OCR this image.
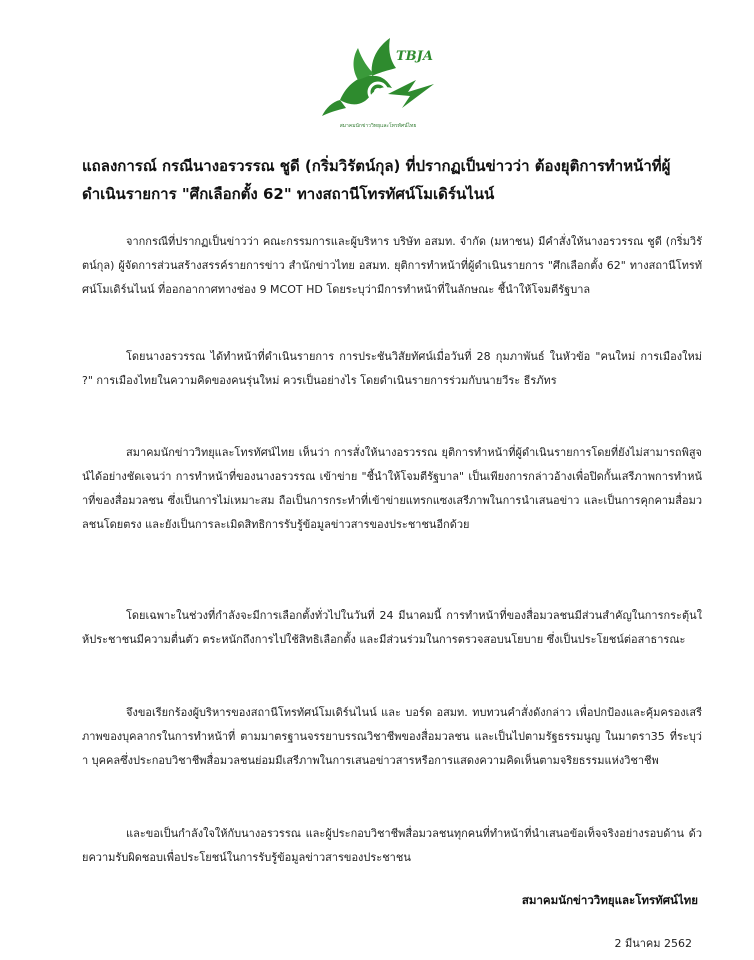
TBJA
สมาคมนักข่าววิทยุและโทรทัศน์ไทย
แถลงการณ์ กรณีนางอรวรรณ ชูดี (กริ่มวิรัตน์กุล) ที่ปรากฏเป็นข่าวว่า ต้องยุติการทำหน้าที่ผู้ดำเนินรายการ "ศึกเลือกตั้ง 62" ทางสถานีโทรทัศน์โมเดิร์นไนน์
จากกรณีที่ปรากฏเป็นข่าวว่า คณะกรรมการและผู้บริหาร บริษัท อสมท. จำกัด (มหาชน) มีคำสั่งให้นางอรวรรณ ชูดี (กริ่มวิรัตน์กุล) ผู้จัดการส่วนสร้างสรรค์รายการข่าว สำนักข่าวไทย อสมท. ยุติการทำหน้าที่ผู้ดำเนินรายการ "ศึกเลือกตั้ง 62" ทางสถานีโทรทัศน์โมเดิร์นไนน์ ที่ออกอากาศทางช่อง 9 MCOT HD โดยระบุว่ามีการทำหน้าที่ในลักษณะ ชี้นำให้โจมตีรัฐบาล
โดยนางอรวรรณ ได้ทำหน้าที่ดำเนินรายการ การประชันวิสัยทัศน์เมื่อวันที่ 28 กุมภาพันธ์ ในหัวข้อ "คนใหม่ การเมืองใหม่ ?" การเมืองไทยในความคิดของคนรุ่นใหม่ ควรเป็นอย่างไร โดยดำเนินรายการร่วมกับนายวีระ ธีรภัทร
สมาคมนักข่าววิทยุและโทรทัศน์ไทย เห็นว่า การสั่งให้นางอรวรรณ ยุติการทำหน้าที่ผู้ดำเนินรายการโดยที่ยังไม่สามารถพิสูจน์ได้อย่างชัดเจนว่า การทำหน้าที่ของนางอรวรรณ เข้าข่าย "ชี้นำให้โจมตีรัฐบาล" เป็นเพียงการกล่าวอ้างเพื่อปิดกั้นเสรีภาพการทำหน้าที่ของสื่อมวลชน ซึ่งเป็นการไม่เหมาะสม ถือเป็นการกระทำที่เข้าข่ายแทรกแซงเสรีภาพในการนำเสนอข่าว และเป็นการคุกคามสื่อมวลชนโดยตรง และยังเป็นการละเมิดสิทธิการรับรู้ข้อมูลข่าวสารของประชาชนอีกด้วย
โดยเฉพาะในช่วงที่กำลังจะมีการเลือกตั้งทั่วไปในวันที่ 24 มีนาคมนี้ การทำหน้าที่ของสื่อมวลชนมีส่วนสำคัญในการกระตุ้นให้ประชาชนมีความตื่นตัว ตระหนักถึงการไปใช้สิทธิเลือกตั้ง และมีส่วนร่วมในการตรวจสอบนโยบาย ซึ่งเป็นประโยชน์ต่อสาธารณะ
จึงขอเรียกร้องผู้บริหารของสถานีโทรทัศน์โมเดิร์นไนน์ และ บอร์ด อสมท. ทบทวนคำสั่งดังกล่าว เพื่อปกป้องและคุ้มครองเสรีภาพของบุคลากรในการทำหน้าที่ ตามมาตรฐานจรรยาบรรณวิชาชีพของสื่อมวลชน และเป็นไปตามรัฐธรรมนูญ ในมาตรา35 ที่ระบุว่า บุคคลซึ่งประกอบวิชาชีพสื่อมวลชนย่อมมีเสรีภาพในการเสนอข่าวสารหรือการแสดงความคิดเห็นตามจริยธรรมแห่งวิชาชีพ
และขอเป็นกำลังใจให้กับนางอรวรรณ และผู้ประกอบวิชาชีพสื่อมวลชนทุกคนที่ทำหน้าที่นำเสนอข้อเท็จจริงอย่างรอบด้าน ด้วยความรับผิดชอบเพื่อประโยชน์ในการรับรู้ข้อมูลข่าวสารของประชาชน
สมาคมนักข่าววิทยุและโทรทัศน์ไทย
2 มีนาคม 2562
